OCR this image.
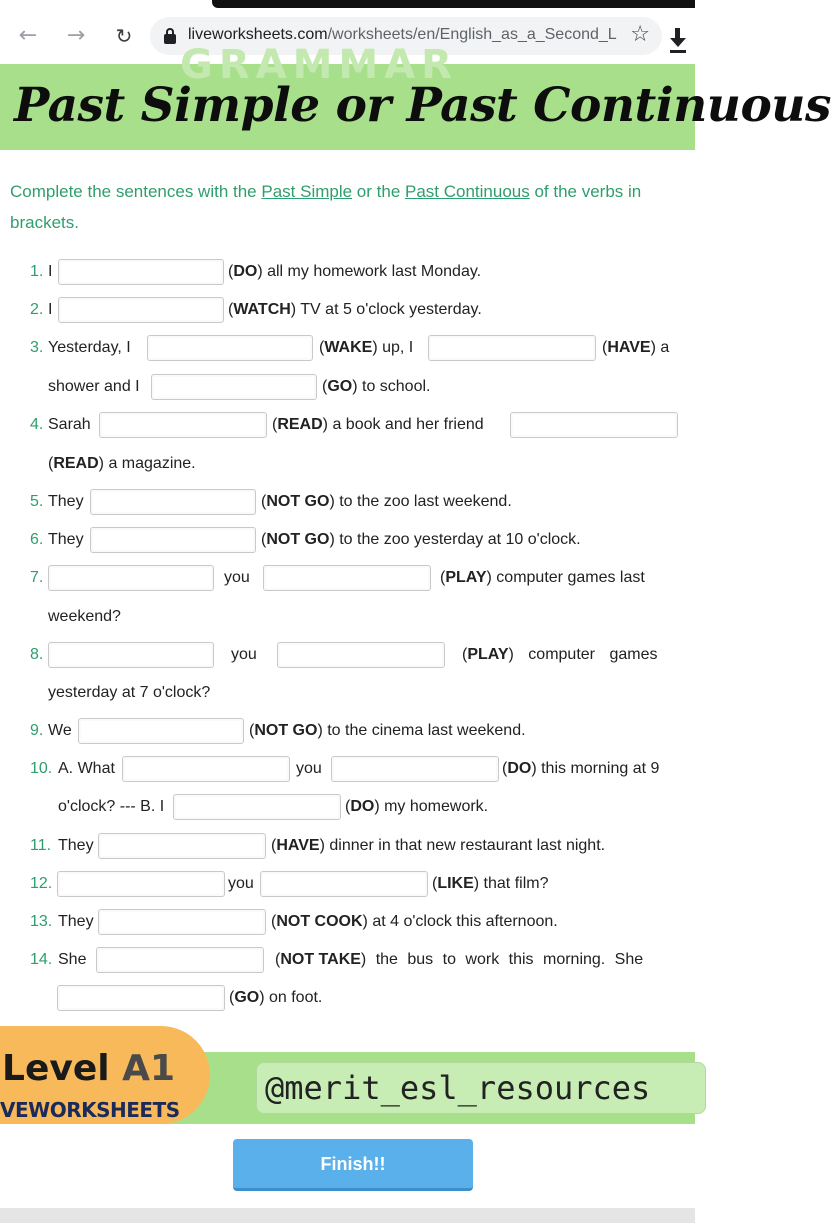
← → ↻	liveworksheets.com/worksheets/en/English_as_a_Second_L ☆
GRAMMAR
Past Simple or Past Continuous
Complete the sentences with the Past Simple or the Past Continuous of the verbs in brackets.
1. I	(DO) all my homework last Monday.
2. I	(WATCH) TV at 5 o'clock yesterday.
3. Yesterday, I	(WAKE) up, I	(HAVE) a
shower and I	(GO) to school.
4. Sarah	(READ) a book and her friend
(READ) a magazine.
5. They	(NOT GO) to the zoo last weekend.
6. They	(NOT GO) to the zoo yesterday at 10 o'clock.
7.	you	(PLAY) computer games last
weekend?
8.	you	(PLAY) computer games
yesterday at 7 o'clock?
9. We	(NOT GO) to the cinema last weekend.
10. A. What	you	(DO) this morning at 9
o'clock? --- B. I	(DO) my homework.
11. They	(HAVE) dinner in that new restaurant last night.
12.	you	(LIKE) that film?
13. They	(NOT COOK) at 4 o'clock this afternoon.
14. She	(NOT TAKE) the bus to work this morning. She
(GO) on foot.
Level A1
VEWORKSHEETS
@merit_esl_resources
Finish!!
